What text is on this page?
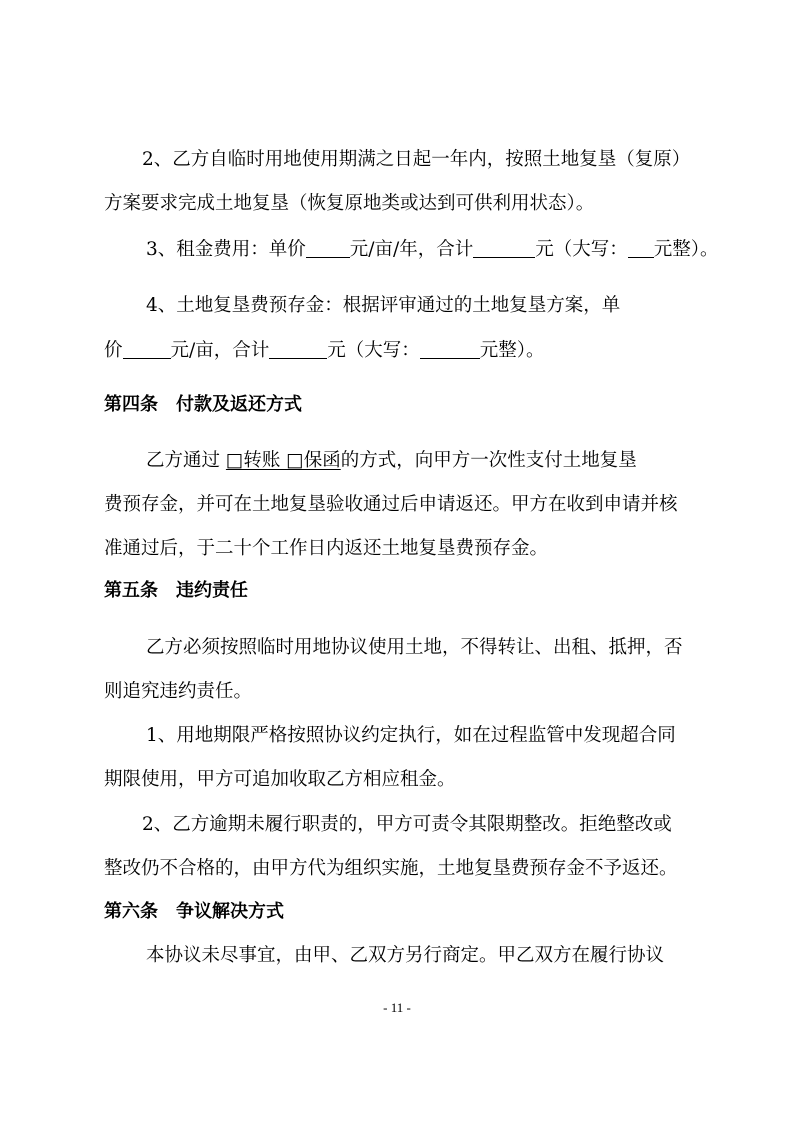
2、乙方自临时用地使用期满之日起一年内，按照土地复垦（复原）
方案要求完成土地复垦（恢复原地类或达到可供利用状态）。
3、租金费用：单价 元/亩/年，合计	元（大写： 元整）。
4、土地复垦费预存金：根据评审通过的土地复垦方案，单
价	元/亩，合计	元（大写：	元整）。
第四条　付款及返还方式
乙方通过 □转账 □保函的方式，向甲方一次性支付土地复垦
费预存金，并可在土地复垦验收通过后申请返还。甲方在收到申请并核
准通过后，于二十个工作日内返还土地复垦费预存金。
第五条　违约责任
乙方必须按照临时用地协议使用土地，不得转让、出租、抵押，否
则追究违约责任。
1、用地期限严格按照协议约定执行，如在过程监管中发现超合同
期限使用，甲方可追加收取乙方相应租金。
2、乙方逾期未履行职责的，甲方可责令其限期整改。拒绝整改或
整改仍不合格的，由甲方代为组织实施，土地复垦费预存金不予返还。
第六条　争议解决方式
本协议未尽事宜，由甲、乙双方另行商定。甲乙双方在履行协议
- 11 -
